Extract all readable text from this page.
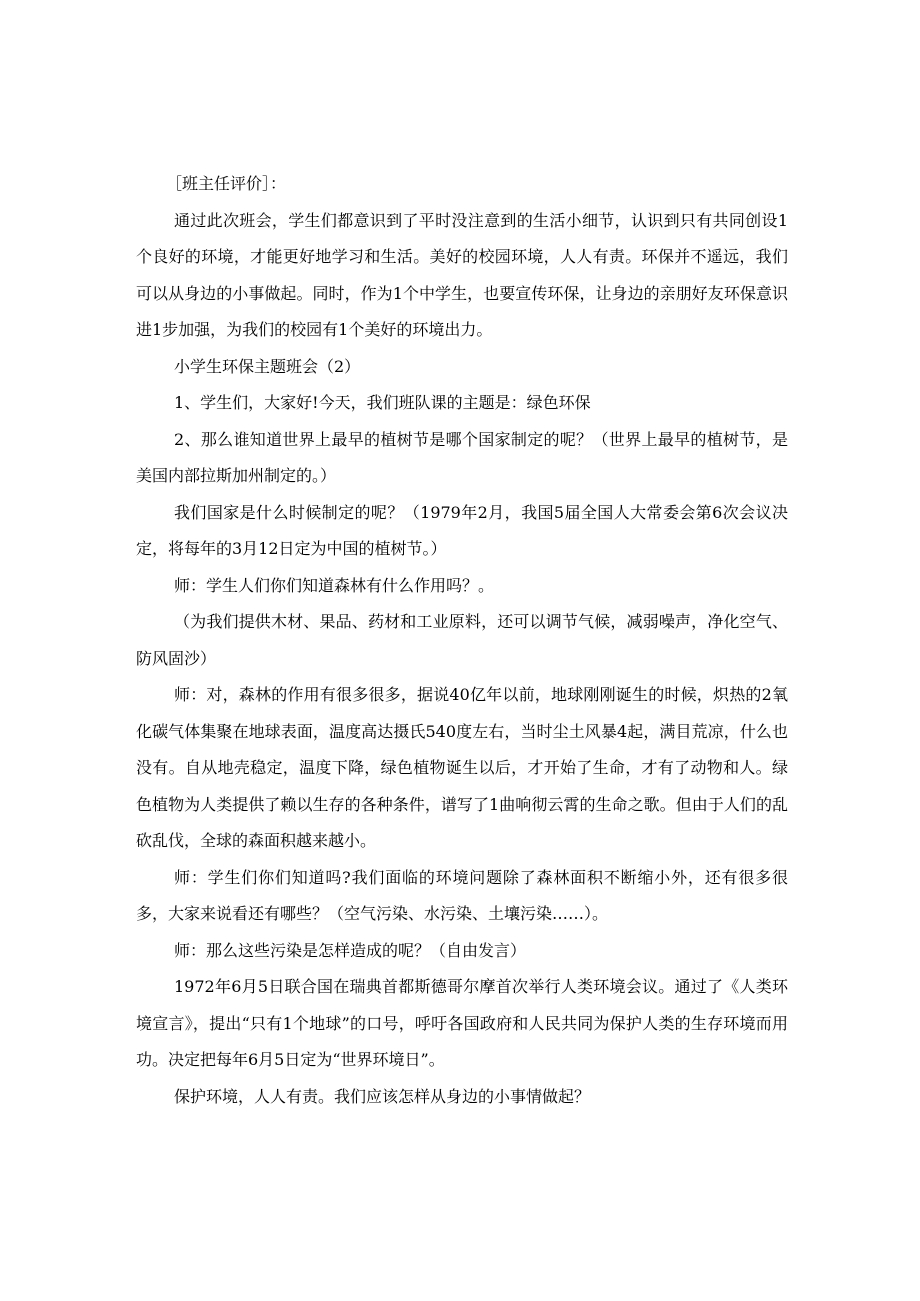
［班主任评价］：

通过此次班会，学生们都意识到了平时没注意到的生活小细节，认识到只有共同创设1个良好的环境，才能更好地学习和生活。美好的校园环境，人人有责。环保并不遥远，我们可以从身边的小事做起。同时，作为1个中学生，也要宣传环保，让身边的亲朋好友环保意识进1步加强，为我们的校园有1个美好的环境出力。

小学生环保主题班会（2）

1、学生们，大家好!今天，我们班队课的主题是：绿色环保

2、那么谁知道世界上最早的植树节是哪个国家制定的呢？（世界上最早的植树节，是美国内部拉斯加州制定的。）

我们国家是什么时候制定的呢？（1979年2月，我国5届全国人大常委会第6次会议决定，将每年的3月12日定为中国的植树节。）

师：学生人们你们知道森林有什么作用吗？。

（为我们提供木材、果品、药材和工业原料，还可以调节气候，减弱噪声，净化空气、防风固沙）

师：对，森林的作用有很多很多，据说40亿年以前，地球刚刚诞生的时候，炽热的2氧化碳气体集聚在地球表面，温度高达摄氏540度左右，当时尘土风暴4起，满目荒凉，什么也没有。自从地壳稳定，温度下降，绿色植物诞生以后，才开始了生命，才有了动物和人。绿色植物为人类提供了赖以生存的各种条件，谱写了1曲响彻云霄的生命之歌。但由于人们的乱砍乱伐，全球的森面积越来越小。

师：学生们你们知道吗?我们面临的环境问题除了森林面积不断缩小外，还有很多很多，大家来说看还有哪些？（空气污染、水污染、土壤污染……）。

师：那么这些污染是怎样造成的呢？（自由发言）

1972年6月5日联合国在瑞典首都斯德哥尔摩首次举行人类环境会议。通过了《人类环境宣言》，提出“只有1个地球”的口号，呼吁各国政府和人民共同为保护人类的生存环境而用功。决定把每年6月5日定为“世界环境日”。

保护环境，人人有责。我们应该怎样从身边的小事情做起？
